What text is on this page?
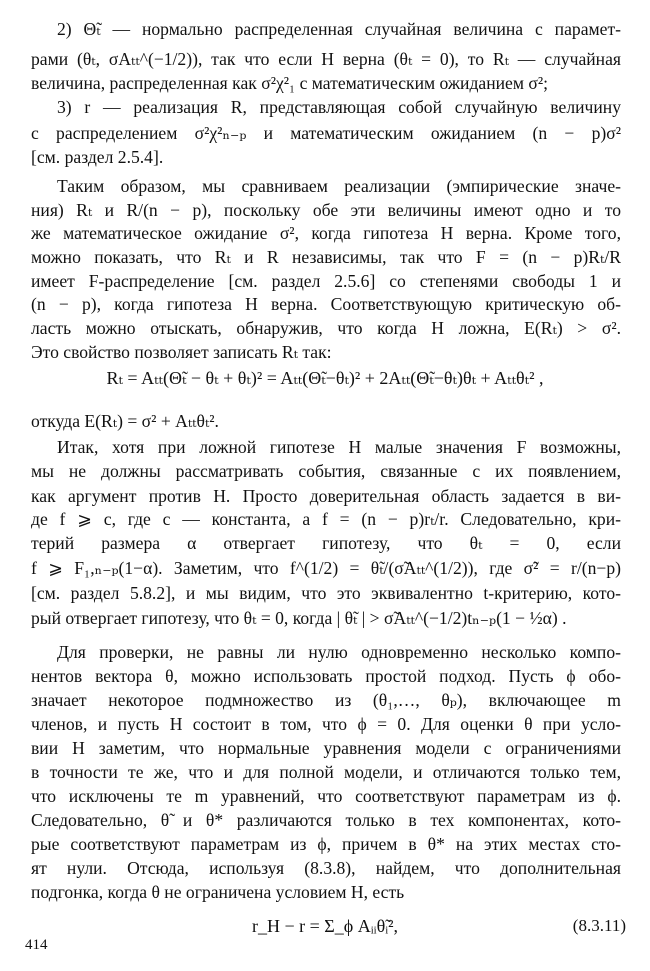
2) Θ̃ₜ — нормально распределенная случайная величина с парамет-
рами (θₜ, σAₜₜ^(−1/2)), так что если H верна (θₜ = 0), то Rₜ — случайная
величина, распределенная как σ²χ²₁ с математическим ожиданием σ²;
3) r — реализация R, представляющая собой случайную величину
с распределением σ²χ²ₙ₋ₚ и математическим ожиданием (n − p)σ²
[см. раздел 2.5.4].
Таким образом, мы сравниваем реализации (эмпирические значе-
ния) Rₜ и R/(n − p), поскольку обе эти величины имеют одно и то
же математическое ожидание σ², когда гипотеза H верна. Кроме того,
можно показать, что Rₜ и R независимы, так что F = (n − p)Rₜ/R
имеет F-распределение [см. раздел 2.5.6] со степенями свободы 1 и
(n − p), когда гипотеза H верна. Соответствующую критическую об-
ласть можно отыскать, обнаружив, что когда H ложна, E(Rₜ) > σ².
Это свойство позволяет записать Rₜ так:
Rₜ = Aₜₜ(Θ̃ₜ − θₜ + θₜ)² = Aₜₜ(Θ̃ₜ−θₜ)² + 2Aₜₜ(Θ̃ₜ−θₜ)θₜ + Aₜₜθₜ² ,
откуда E(Rₜ) = σ² + Aₜₜθₜ².
Итак, хотя при ложной гипотезе H малые значения F возможны,
мы не должны рассматривать события, связанные с их появлением,
как аргумент против H. Просто доверительная область задается в ви-
де f ⩾ c, где c — константа, а f = (n − p)rₜ/r. Следовательно, кри-
терий размера α отвергает гипотезу, что θₜ = 0, если
f ⩾ F₁,ₙ₋ₚ(1−α). Заметим, что f^(1/2) = θ̃ₜ/(σ̃Aₜₜ^(1/2)), где σ̃² = r/(n−p)
[см. раздел 5.8.2], и мы видим, что это эквивалентно t-критерию, кото-
рый отвергает гипотезу, что θₜ = 0, когда | θ̃ₜ | > σ̃Aₜₜ^(−1/2)tₙ₋ₚ(1 − ½α) .
Для проверки, не равны ли нулю одновременно несколько компо-
нентов вектора θ, можно использовать простой подход. Пусть ϕ обо-
значает некоторое подмножество из (θ₁,…, θₚ), включающее m
членов, и пусть H состоит в том, что ϕ = 0. Для оценки θ при усло-
вии H заметим, что нормальные уравнения модели с ограничениями
в точности те же, что и для полной модели, и отличаются только тем,
что исключены те m уравнений, что соответствуют параметрам из ϕ.
Следовательно, θ̃ и θ* различаются только в тех компонентах, кото-
рые соответствуют параметрам из ϕ, причем в θ* на этих местах сто-
ят нули. Отсюда, используя (8.3.8), найдем, что дополнительная
подгонка, когда θ не ограничена условием H, есть
r_H − r = Σ_ϕ Aᵢᵢθ̃ᵢ²,	(8.3.11)
414
